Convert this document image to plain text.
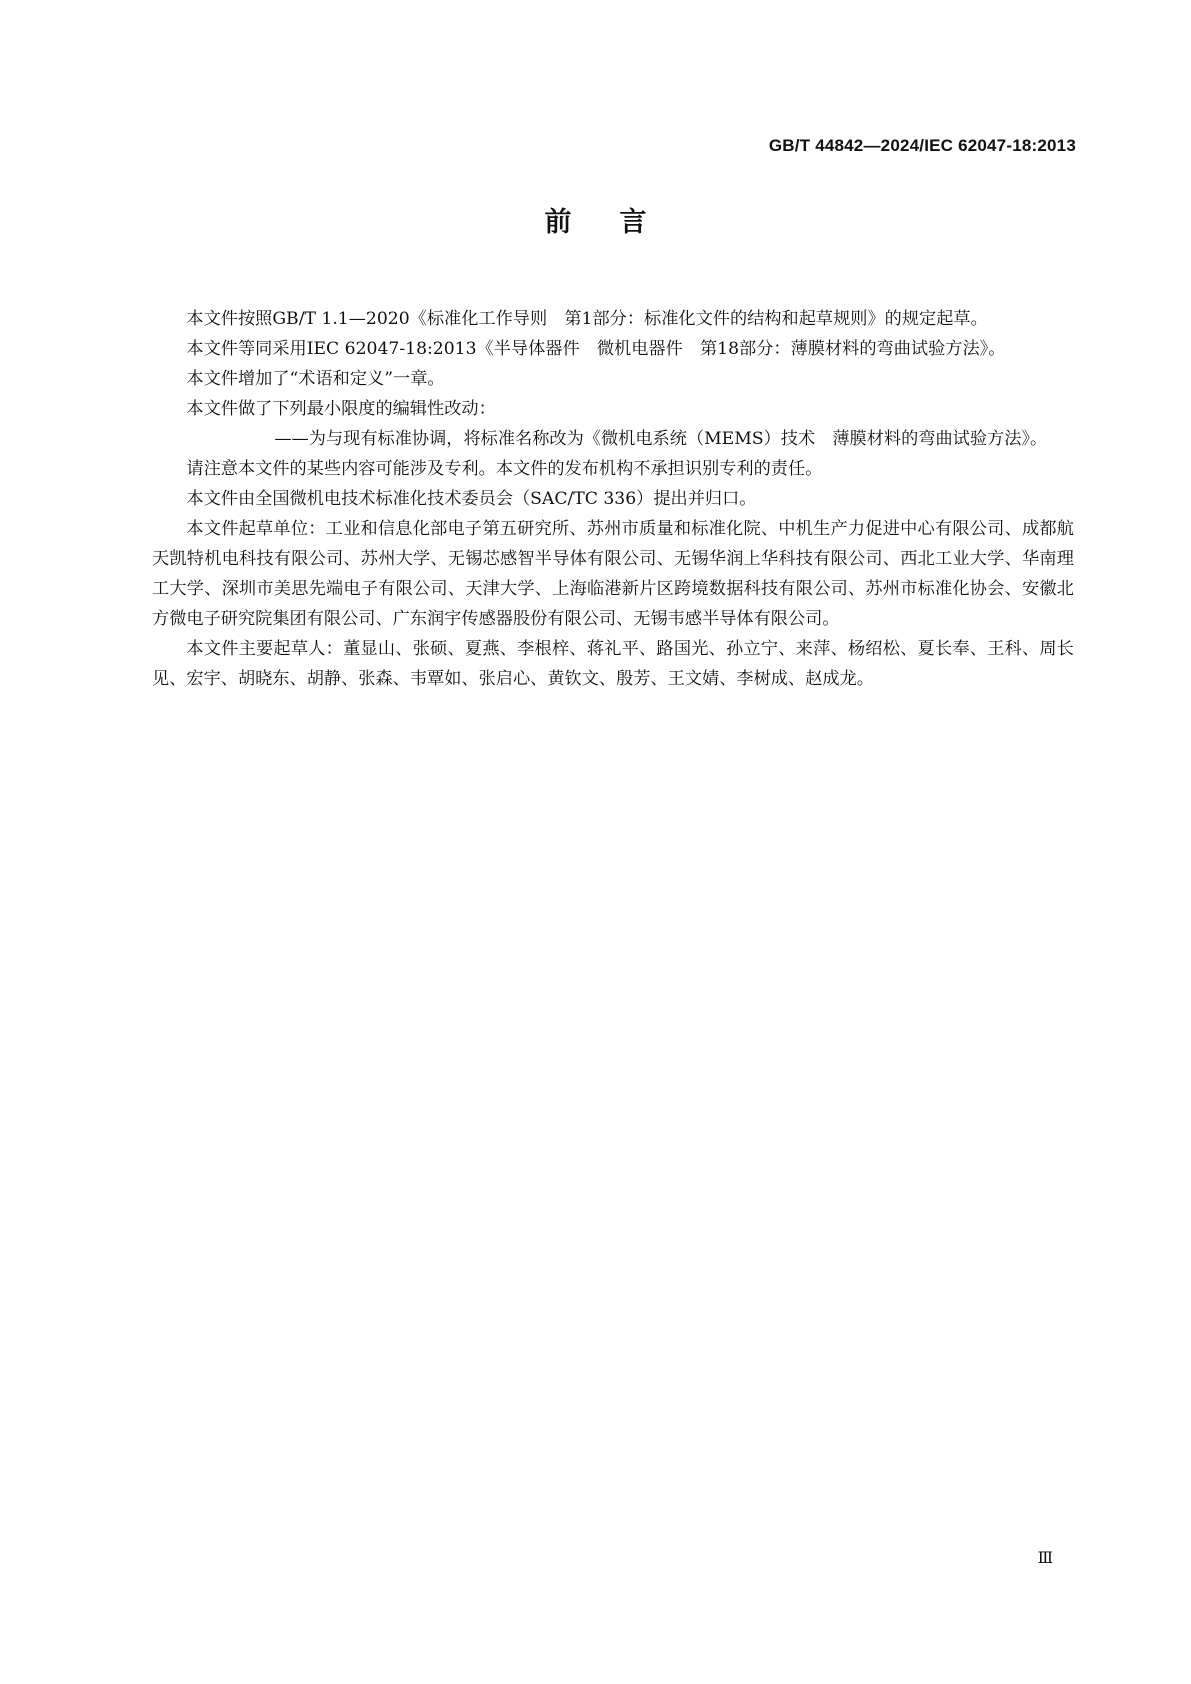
GB/T 44842—2024/IEC 62047-18:2013
前言

本文件按照GB/T 1.1—2020《标准化工作导则　第1部分：标准化文件的结构和起草规则》的规定起草。

本文件等同采用IEC 62047-18:2013《半导体器件　微机电器件　第18部分：薄膜材料的弯曲试验方法》。

本文件增加了“术语和定义”一章。

本文件做了下列最小限度的编辑性改动：

——为与现有标准协调，将标准名称改为《微机电系统（MEMS）技术　薄膜材料的弯曲试验方法》。

请注意本文件的某些内容可能涉及专利。本文件的发布机构不承担识别专利的责任。

本文件由全国微机电技术标准化技术委员会（SAC/TC 336）提出并归口。

本文件起草单位：工业和信息化部电子第五研究所、苏州市质量和标准化院、中机生产力促进中心有限公司、成都航天凯特机电科技有限公司、苏州大学、无锡芯感智半导体有限公司、无锡华润上华科技有限公司、西北工业大学、华南理工大学、深圳市美思先端电子有限公司、天津大学、上海临港新片区跨境数据科技有限公司、苏州市标准化协会、安徽北方微电子研究院集团有限公司、广东润宇传感器股份有限公司、无锡韦感半导体有限公司。

本文件主要起草人：董显山、张硕、夏燕、李根梓、蒋礼平、路国光、孙立宁、来萍、杨绍松、夏长奉、王科、周长见、宏宇、胡晓东、胡静、张森、韦覃如、张启心、黄钦文、殷芳、王文婧、李树成、赵成龙。

Ⅲ
